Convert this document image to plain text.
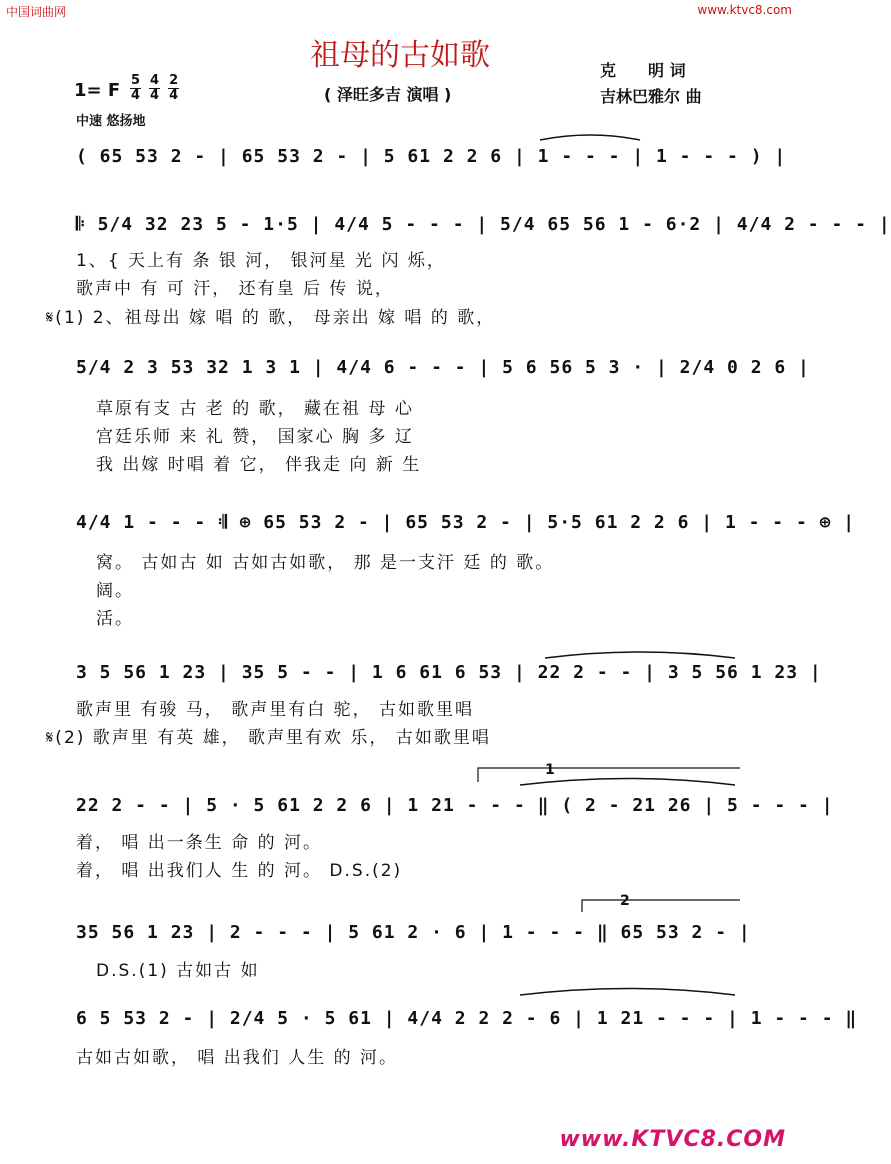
中国词曲网	www.ktvc8.com
www.KTVC8.COM
祖母的古如歌	克　　明 词
吉林巴雅尔 曲
1= F $\frac{5}{4} \frac{4}{4} \frac{2}{4}$	( 泽旺多吉 演唱 )
中速 悠扬地
( 65 53 2 - | 65 53 2 - | 5 61 2 2 6 | 1 - - - | 1 - - - ) |
𝄆 5/4 32 23 5 - 1·5 | 4/4 5 - - - | 5/4 65 56 1 - 6·2 | 4/4 2 - - - |
1、{ 天上有 条 银 河， 银河星 光 闪 烁，
歌声中 有 可 汗， 还有皇 后 传 说，
𝄋(1) 2、祖母出 嫁 唱 的 歌， 母亲出 嫁 唱 的 歌，
5/4 2 3 53 32 1 3 1 | 4/4 6 - - - | 5 6 56 5 3 · | 2/4 0 2 6 |
草原有支 古 老 的 歌， 藏在祖 母 心
宫廷乐师 来 礼 赞， 国家心 胸 多 辽
我 出嫁 时唱 着 它， 伴我走 向 新 生
4/4 1 - - - 𝄇 ⊕ 65 53 2 - | 65 53 2 - | 5·5 61 2 2 6 | 1 - - - ⊕ |
窝。 古如古 如 古如古如歌， 那 是一支汗 廷 的 歌。
阔。
活。
3 5 56 1 23 | 35 5 - - | 1 6 61 6 53 | 22 2 - - | 3 5 56 1 23 |
歌声里 有骏 马， 歌声里有白 驼， 古如歌里唱
𝄋(2) 歌声里 有英 雄， 歌声里有欢 乐， 古如歌里唱
1
22 2 - - | 5 · 5 61 2 2 6 | 1 21 - - - ‖ ( 2 - 21 26 | 5 - - - |
着， 唱 出一条生 命 的 河。
着， 唱 出我们人 生 的 河。 D.S.(2)
2
35 56 1 23 | 2 - - - | 5 61 2 · 6 | 1 - - - ‖ 65 53 2 - |
D.S.(1) 古如古 如
6 5 53 2 - | 2/4 5 · 5 61 | 4/4 2 2 2 - 6 | 1 21 - - - | 1 - - - ‖
古如古如歌， 唱 出我们 人生 的 河。
